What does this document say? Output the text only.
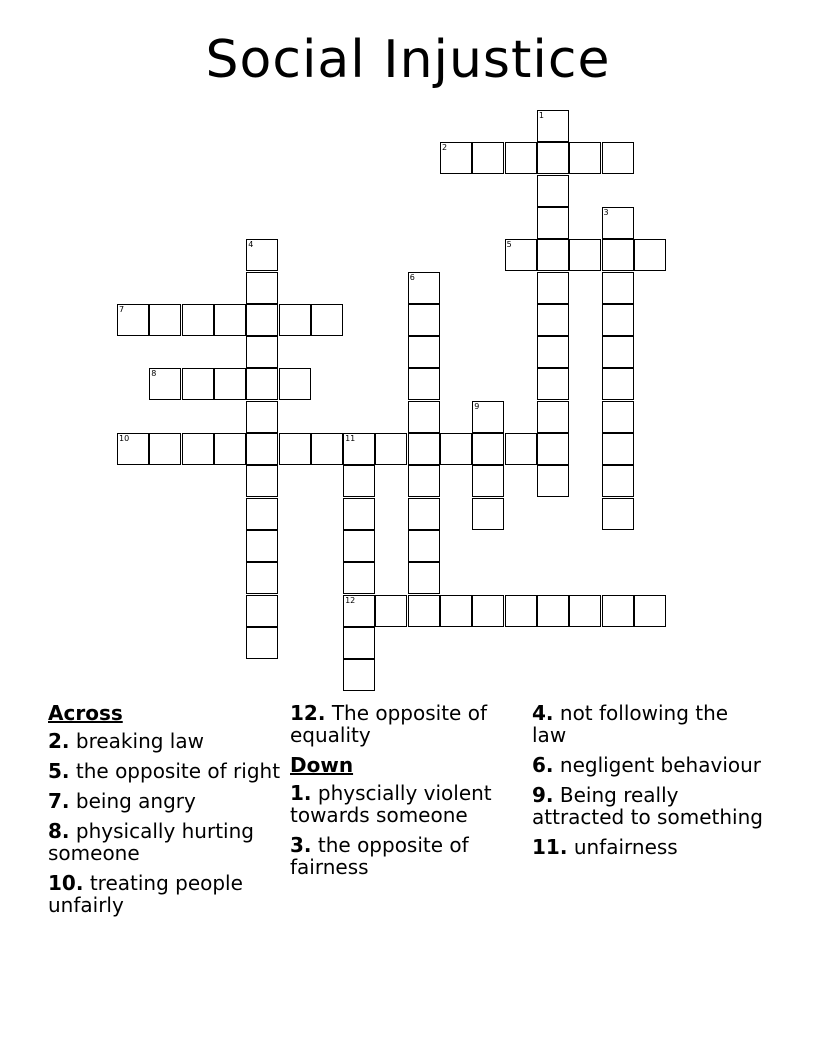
Social Injustice
1
2
3
4	5
6
7
8
9
10	11
12
Across
2. breaking law
5. the opposite of right
7. being angry
8. physically hurting someone
10. treating people unfairly
12. The opposite of equality
Down
1. physcially violent towards someone
3. the opposite of fairness
4. not following the law
6. negligent behaviour
9. Being really attracted to something
11. unfairness
